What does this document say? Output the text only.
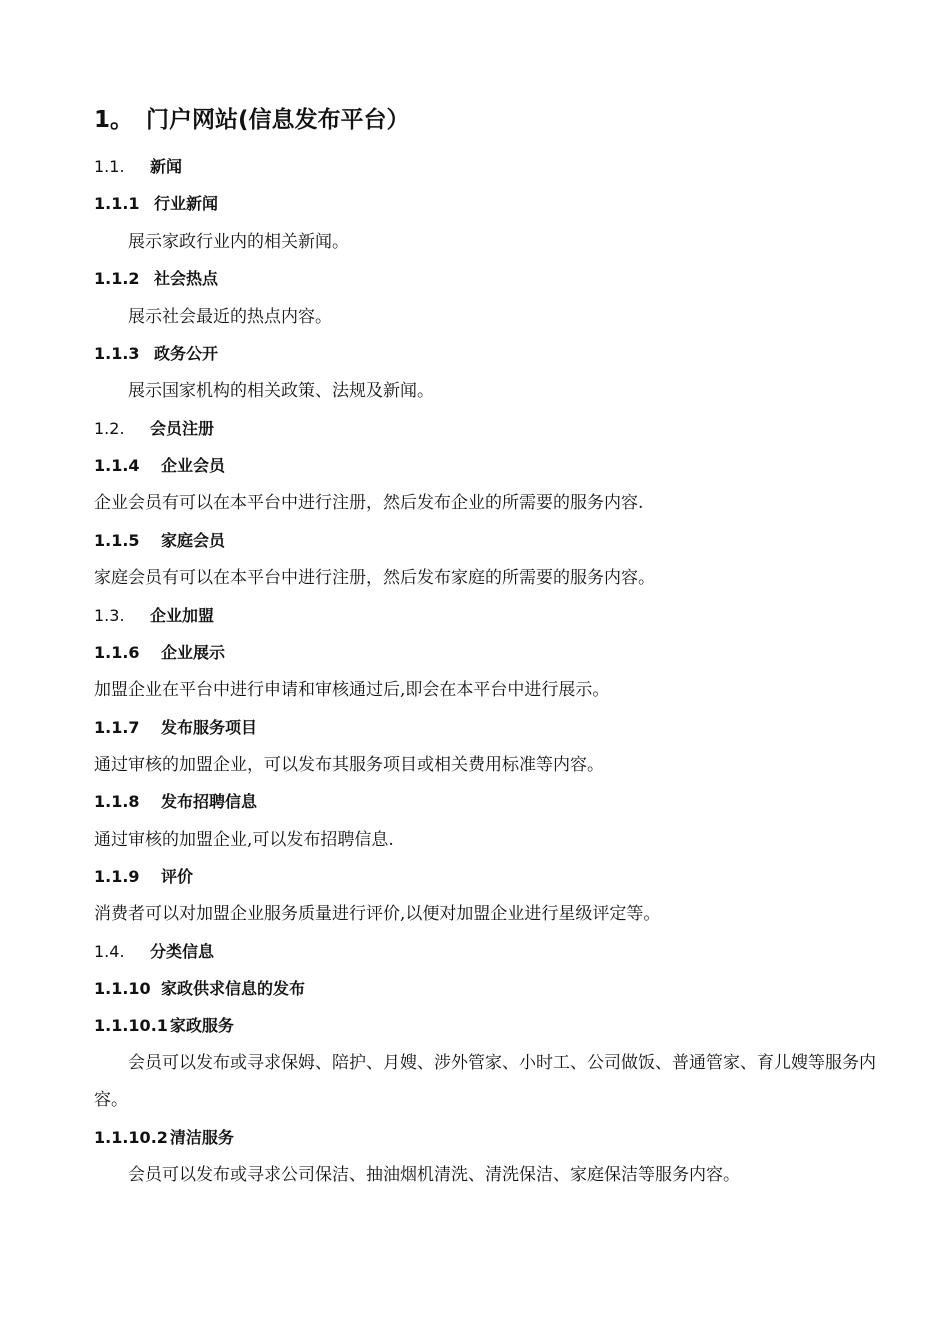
1。 门户网站(信息发布平台）
1.1. 新闻
1.1.1 行业新闻
展示家政行业内的相关新闻。
1.1.2 社会热点
展示社会最近的热点内容。
1.1.3 政务公开
展示国家机构的相关政策、法规及新闻。
1.2. 会员注册
1.1.4 企业会员
企业会员有可以在本平台中进行注册，然后发布企业的所需要的服务内容.
1.1.5 家庭会员
家庭会员有可以在本平台中进行注册，然后发布家庭的所需要的服务内容。
1.3. 企业加盟
1.1.6 企业展示
加盟企业在平台中进行申请和审核通过后,即会在本平台中进行展示。
1.1.7 发布服务项目
通过审核的加盟企业，可以发布其服务项目或相关费用标准等内容。
1.1.8 发布招聘信息
通过审核的加盟企业,可以发布招聘信息.
1.1.9 评价
消费者可以对加盟企业服务质量进行评价,以便对加盟企业进行星级评定等。
1.4. 分类信息
1.1.10 家政供求信息的发布
1.1.10.1 家政服务
会员可以发布或寻求保姆、陪护、月嫂、涉外管家、小时工、公司做饭、普通管家、育儿嫂等服务内容。
1.1.10.2 清洁服务
会员可以发布或寻求公司保洁、抽油烟机清洗、清洗保洁、家庭保洁等服务内容。
